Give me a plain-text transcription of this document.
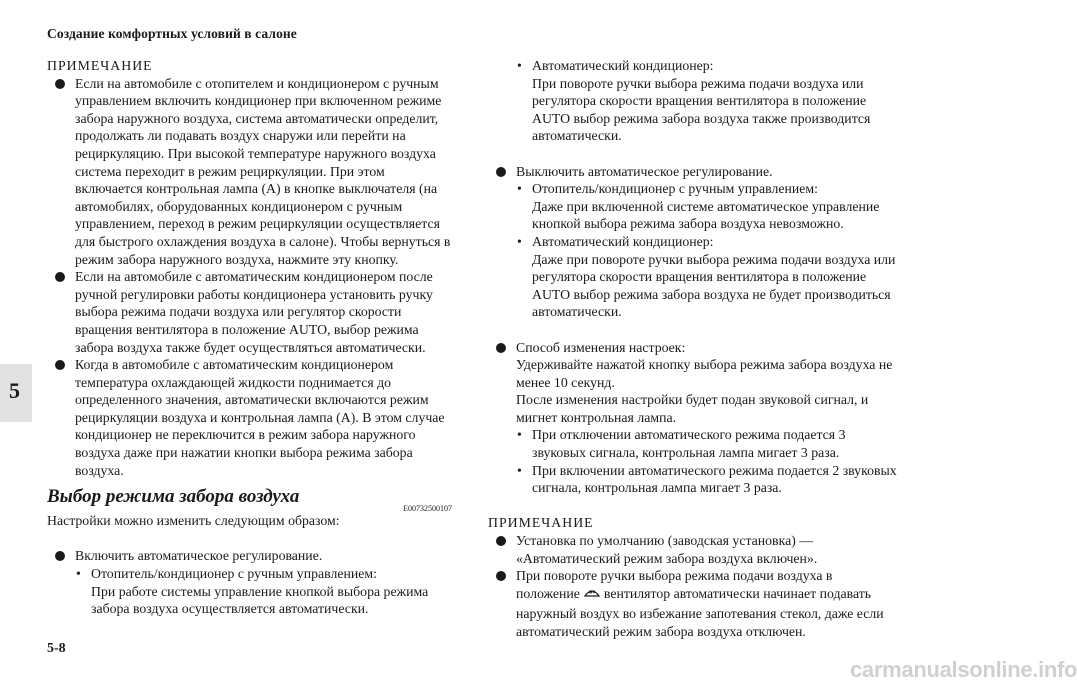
Создание комфортных условий в салоне
5
ПРИМЕЧАНИЕ
Если на автомобиле с отопителем и кондиционером с ручным управлением включить кондиционер при включенном режиме забора наружного воздуха, система автоматически определит, продолжать ли подавать воздух снаружи или перейти на рециркуляцию. При высокой температуре наружного воздуха система переходит в режим рециркуляции. При этом включается контрольная лампа (A) в кнопке выключателя (на автомобилях, оборудованных кондиционером с ручным управлением, переход в режим рециркуляции осуществляется для быстрого охлаждения воздуха в салоне). Чтобы вернуться в режим забора наружного воздуха, нажмите эту кнопку.
Если на автомобиле с автоматическим кондиционером после ручной регулировки работы кондиционера установить ручку выбора режима подачи воздуха или регулятор скорости вращения вентилятора в положение AUTO, выбор режима забора воздуха также будет осуществляться автоматически.
Когда в автомобиле с автоматическим кондиционером температура охлаждающей жидкости поднимается до определенного значения, автоматически включаются режим рециркуляции воздуха и контрольная лампа (A). В этом случае кондиционер не переключится в режим забора наружного воздуха даже при нажатии кнопки выбора режима забора воздуха.
Выбор режима забора воздуха
E00732500107
Настройки можно изменить следующим образом:
Включить автоматическое регулирование.
• Отопитель/кондиционер с ручным управлением:
При работе системы управление кнопкой выбора режима забора воздуха осуществляется автоматически.
• Автоматический кондиционер:
При повороте ручки выбора режима подачи воздуха или регулятора скорости вращения вентилятора в положение AUTO выбор режима забора воздуха также производится автоматически.
Выключить автоматическое регулирование.
• Отопитель/кондиционер с ручным управлением:
Даже при включенной системе автоматическое управление кнопкой выбора режима забора воздуха невозможно.
• Автоматический кондиционер:
Даже при повороте ручки выбора режима подачи воздуха или регулятора скорости вращения вентилятора в положение AUTO выбор режима забора воздуха не будет производиться автоматически.
Способ изменения настроек:
Удерживайте нажатой кнопку выбора режима забора воздуха не менее 10 секунд.
После изменения настройки будет подан звуковой сигнал, и мигнет контрольная лампа.
• При отключении автоматического режима подается 3 звуковых сигнала, контрольная лампа мигает 3 раза.
• При включении автоматического режима подается 2 звуковых сигнала, контрольная лампа мигает 3 раза.
ПРИМЕЧАНИЕ
Установка по умолчанию (заводская установка) — «Автоматический режим забора воздуха включен».
При повороте ручки выбора режима подачи воздуха в положение вентилятор автоматически начинает подавать наружный воздух во избежание запотевания стекол, даже если автоматический режим забора воздуха отключен.
5-8
carmanualsonline.info
